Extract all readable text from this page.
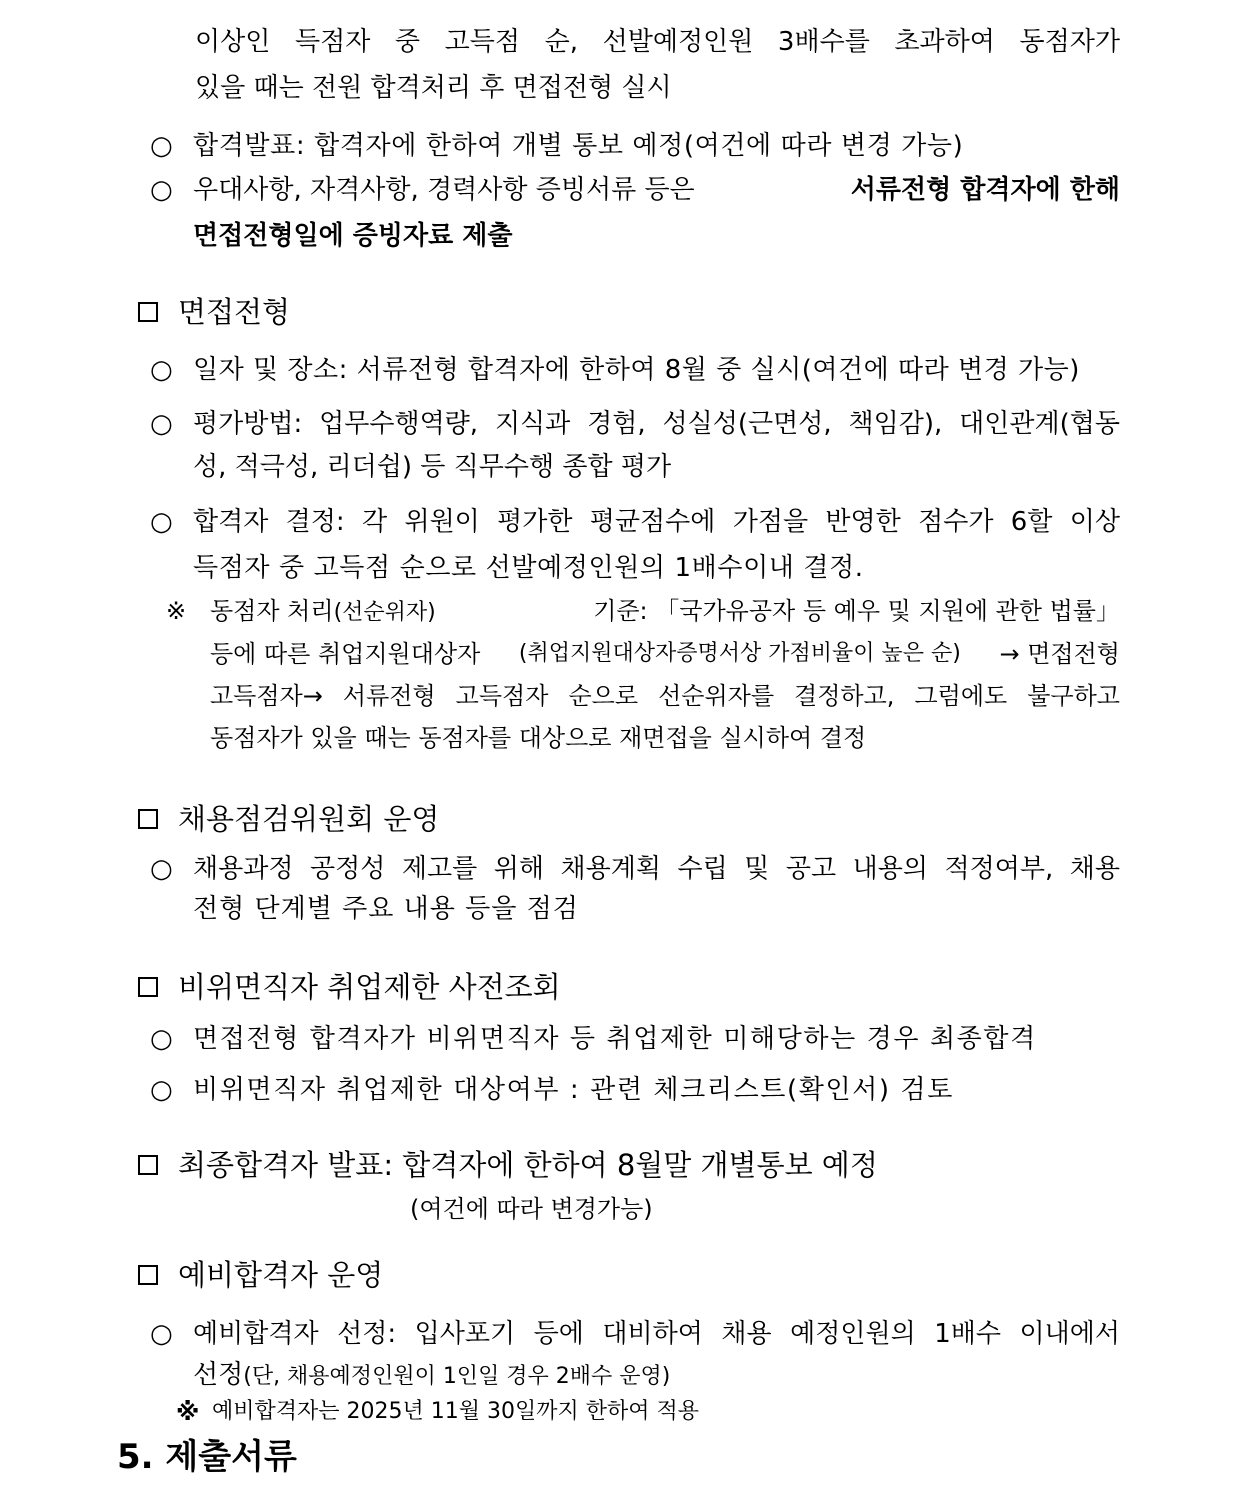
이상인 득점자 중 고득점 순, 선발예정인원 3배수를 초과하여 동점자가
있을 때는 전원 합격처리 후 면접전형 실시
○ 합격발표: 합격자에 한하여 개별 통보 예정(여건에 따라 변경 가능)
○ 우대사항, 자격사항, 경력사항 증빙서류 등은	서류전형 합격자에 한해
면접전형일에 증빙자료 제출
면접전형
○ 일자 및 장소: 서류전형 합격자에 한하여 8월 중 실시(여건에 따라 변경 가능)
○ 평가방법: 업무수행역량, 지식과 경험, 성실성(근면성, 책임감), 대인관계(협동
성, 적극성, 리더쉽) 등 직무수행 종합 평가
○ 합격자 결정: 각 위원이 평가한 평균점수에 가점을 반영한 점수가 6할 이상
득점자 중 고득점 순으로 선발예정인원의 1배수이내 결정.
※ 동점자 처리(선순위자)	기준: 「국가유공자 등 예우 및 지원에 관한 법률」
등에 따른 취업지원대상자 (취업지원대상자증명서상 가점비율이 높은 순) → 면접전형
고득점자→ 서류전형 고득점자 순으로 선순위자를 결정하고, 그럼에도 불구하고
동점자가 있을 때는 동점자를 대상으로 재면접을 실시하여 결정
채용점검위원회 운영
○ 채용과정 공정성 제고를 위해 채용계획 수립 및 공고 내용의 적정여부, 채용
전형 단계별 주요 내용 등을 점검
비위면직자 취업제한 사전조회
○ 면접전형 합격자가 비위면직자 등 취업제한 미해당하는 경우 최종합격
○ 비위면직자 취업제한 대상여부 : 관련 체크리스트(확인서) 검토
최종합격자 발표: 합격자에 한하여 8월말 개별통보 예정
(여건에 따라 변경가능)
예비합격자 운영
○ 예비합격자 선정: 입사포기 등에 대비하여 채용 예정인원의 1배수 이내에서
선정(단, 채용예정인원이 1인일 경우 2배수 운영)
※ 예비합격자는 2025년 11월 30일까지 한하여 적용
5. 제출서류
